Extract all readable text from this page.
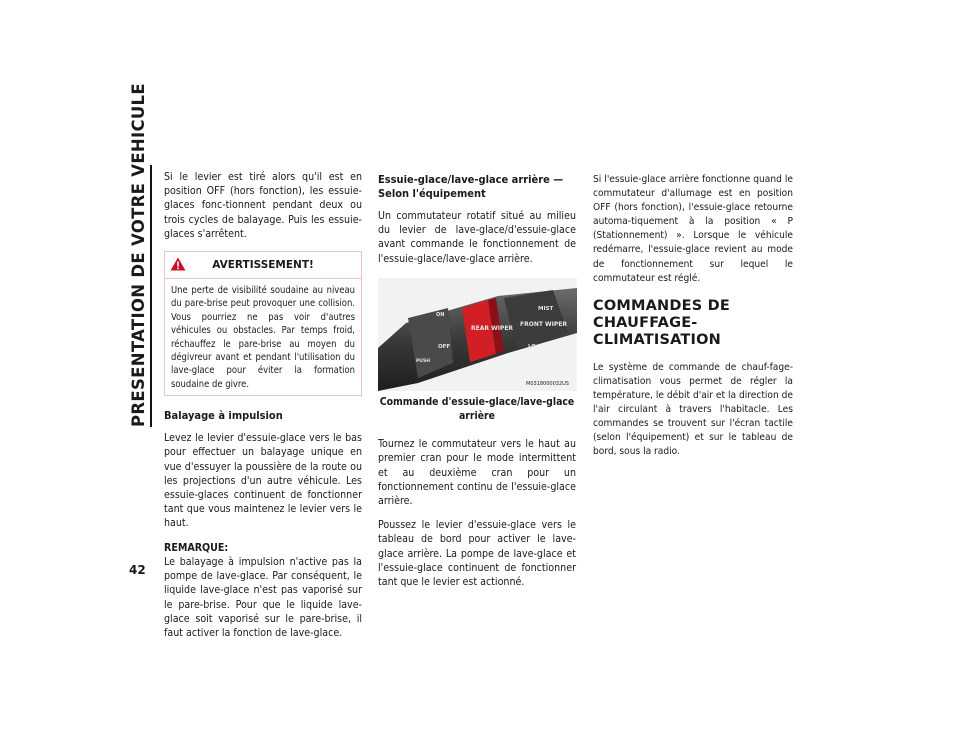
PRESENTATION DE VOTRE VEHICULE
42

Si le levier est tiré alors qu'il est en position OFF (hors fonction), les essuie-glaces fonc-tionnent pendant deux ou trois cycles de balayage. Puis les essuie-glaces s'arrêtent.

AVERTISSEMENT!
Une perte de visibilité soudaine au niveau du pare-brise peut provoquer une collision. Vous pourriez ne pas voir d'autres véhicules ou obstacles. Par temps froid, réchauffez le pare-brise au moyen du dégivreur avant et pendant l'utilisation du lave-glace pour éviter la formation soudaine de givre.
Balayage à impulsion

Levez le levier d'essuie-glace vers le bas pour effectuer un balayage unique en vue d'essuyer la poussière de la route ou les projections d'un autre véhicule. Les essuie-glaces continuent de fonctionner tant que vous maintenez le levier vers le haut.

REMARQUE:
Le balayage à impulsion n'active pas la pompe de lave-glace. Par conséquent, le liquide lave-glace n'est pas vaporisé sur le pare-brise. Pour que le liquide lave-glace soit vaporisé sur le pare-brise, il faut activer la fonction de lave-glace.

Essuie-glace/lave-glace arrière — Selon l'équipement

Un commutateur rotatif situé au milieu du levier de lave-glace/d'essuie-glace avant commande le fonctionnement de l'essuie-glace/lave-glace arrière.

REAR WIPER
FRONT WIPER
MIST
OFF
ON
LO
PUSH
M0318000032US
Commande d'essuie-glace/lave-glace arrière

Tournez le commutateur vers le haut au premier cran pour le mode intermittent et au deuxième cran pour un fonctionnement continu de l'essuie-glace arrière.

Poussez le levier d'essuie-glace vers le tableau de bord pour activer le lave-glace arrière. La pompe de lave-glace et l'essuie-glace continuent de fonctionner tant que le levier est actionné.

Si l'essuie-glace arrière fonctionne quand le commutateur d'allumage est en position OFF (hors fonction), l'essuie-glace retourne automa-tiquement à la position « P (Stationnement) ». Lorsque le véhicule redémarre, l'essuie-glace revient au mode de fonctionnement sur lequel le commutateur est réglé.

COMMANDES DE CHAUFFAGE-CLIMATISATION

Le système de commande de chauf-fage-climatisation vous permet de régler la température, le débit d'air et la direction de l'air circulant à travers l'habitacle. Les commandes se trouvent sur l'écran tactile (selon l'équipement) et sur le tableau de bord, sous la radio.
